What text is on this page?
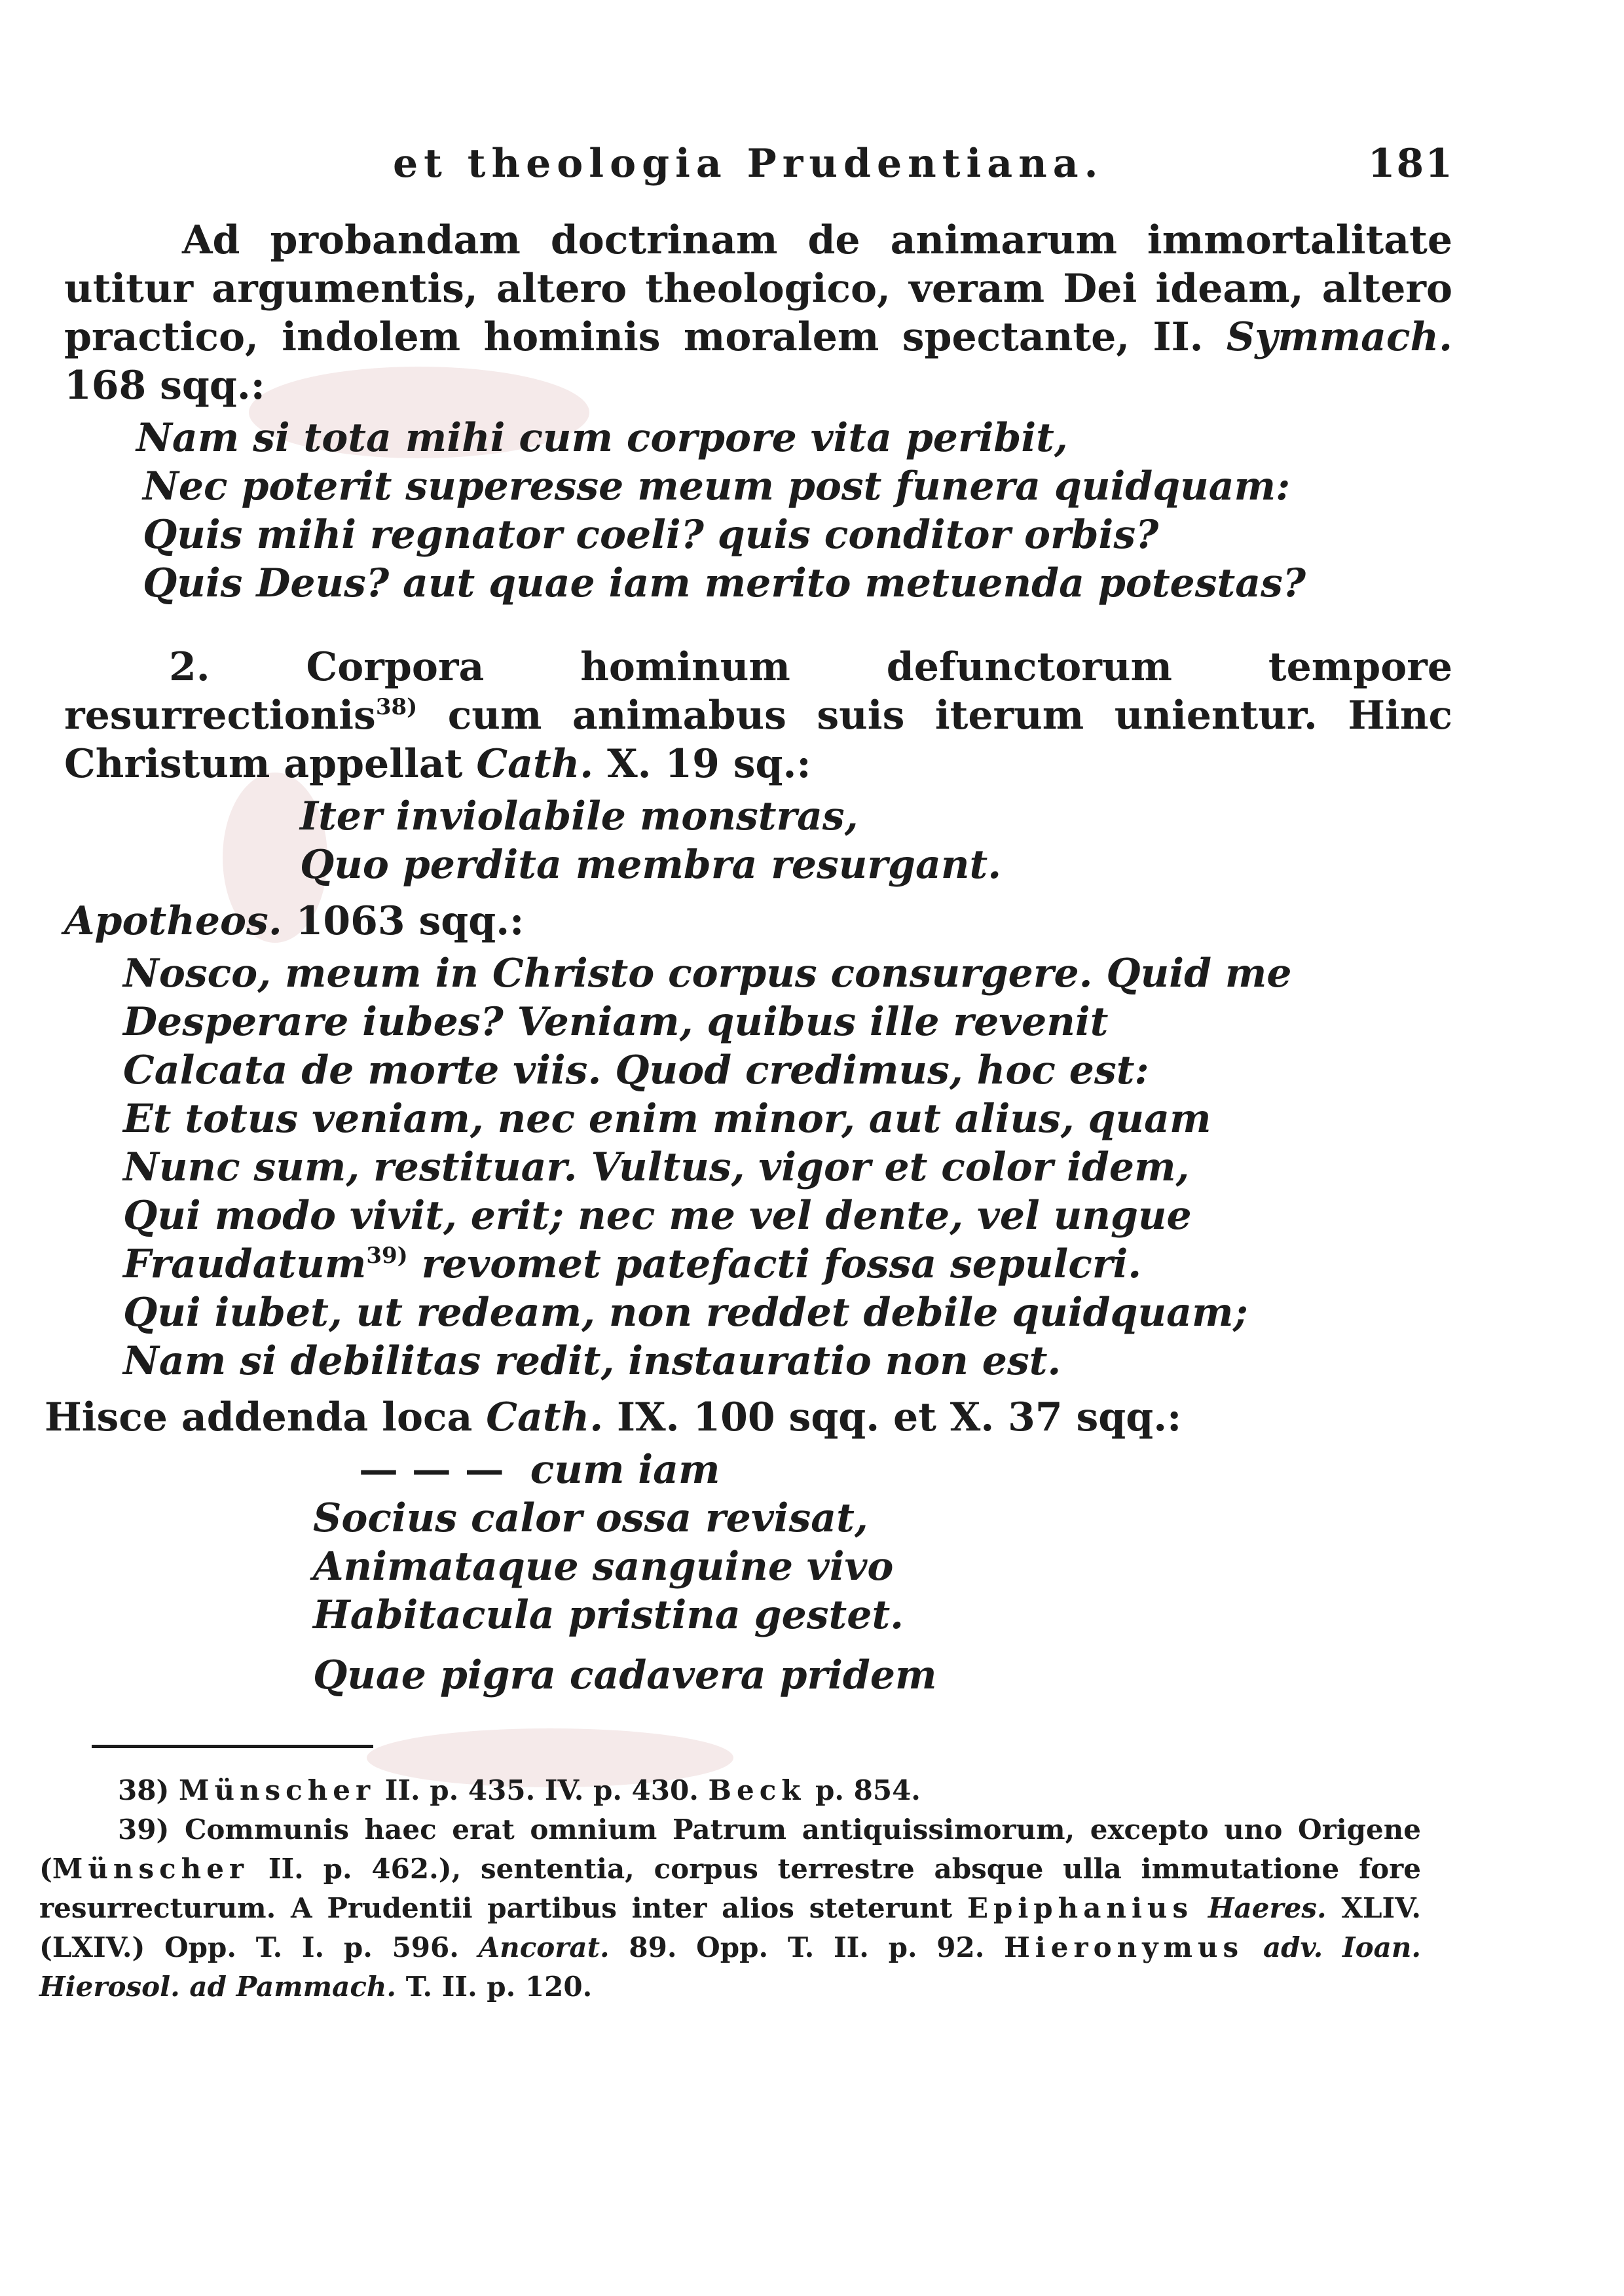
et theologia Prudentiana.	181

Ad probandam doctrinam de animarum immortalitate utitur argumentis, altero theologico, veram Dei ideam, altero practico, indolem hominis moralem spectante, II. Symmach. 168 sqq.:

Nam si tota mihi cum corpore vita peribit,
Nec poterit superesse meum post funera quidquam:
Quis mihi regnator coeli? quis conditor orbis?
Quis Deus? aut quae iam merito metuenda potestas?

2. Corpora hominum defunctorum tempore resurrectionis$^{38)}$ cum animabus suis iterum unientur. Hinc Christum appellat Cath. X. 19 sq.:

Iter inviolabile monstras,
Quo perdita membra resurgant.

Apotheos. 1063 sqq.:

Nosco, meum in Christo corpus consurgere. Quid me
Desperare iubes? Veniam, quibus ille revenit
Calcata de morte viis. Quod credimus, hoc est:
Et totus veniam, nec enim minor, aut alius, quam
Nunc sum, restituar. Vultus, vigor et color idem,
Qui modo vivit, erit; nec me vel dente, vel ungue
Fraudatum$^{39)}$ revomet patefacti fossa sepulcri.
Qui iubet, ut redeam, non reddet debile quidquam;
Nam si debilitas redit, instauratio non est.

Hisce addenda loca Cath. IX. 100 sqq. et X. 37 sqq.:

— — — cum iam
Socius calor ossa revisat,
Animataque sanguine vivo
Habitacula pristina gestet.
Quae pigra cadavera pridem

38) Münscher II. p. 435. IV. p. 430. Beck p. 854.

39) Communis haec erat omnium Patrum antiquissimorum, excepto uno Origene (Münscher II. p. 462.), sententia, corpus terrestre absque ulla immutatione fore resurrecturum. A Prudentii partibus inter alios steterunt Epiphanius Haeres. XLIV. (LXIV.) Opp. T. I. p. 596. Ancorat. 89. Opp. T. II. p. 92. Hieronymus adv. Ioan. Hierosol. ad Pammach. T. II. p. 120.
